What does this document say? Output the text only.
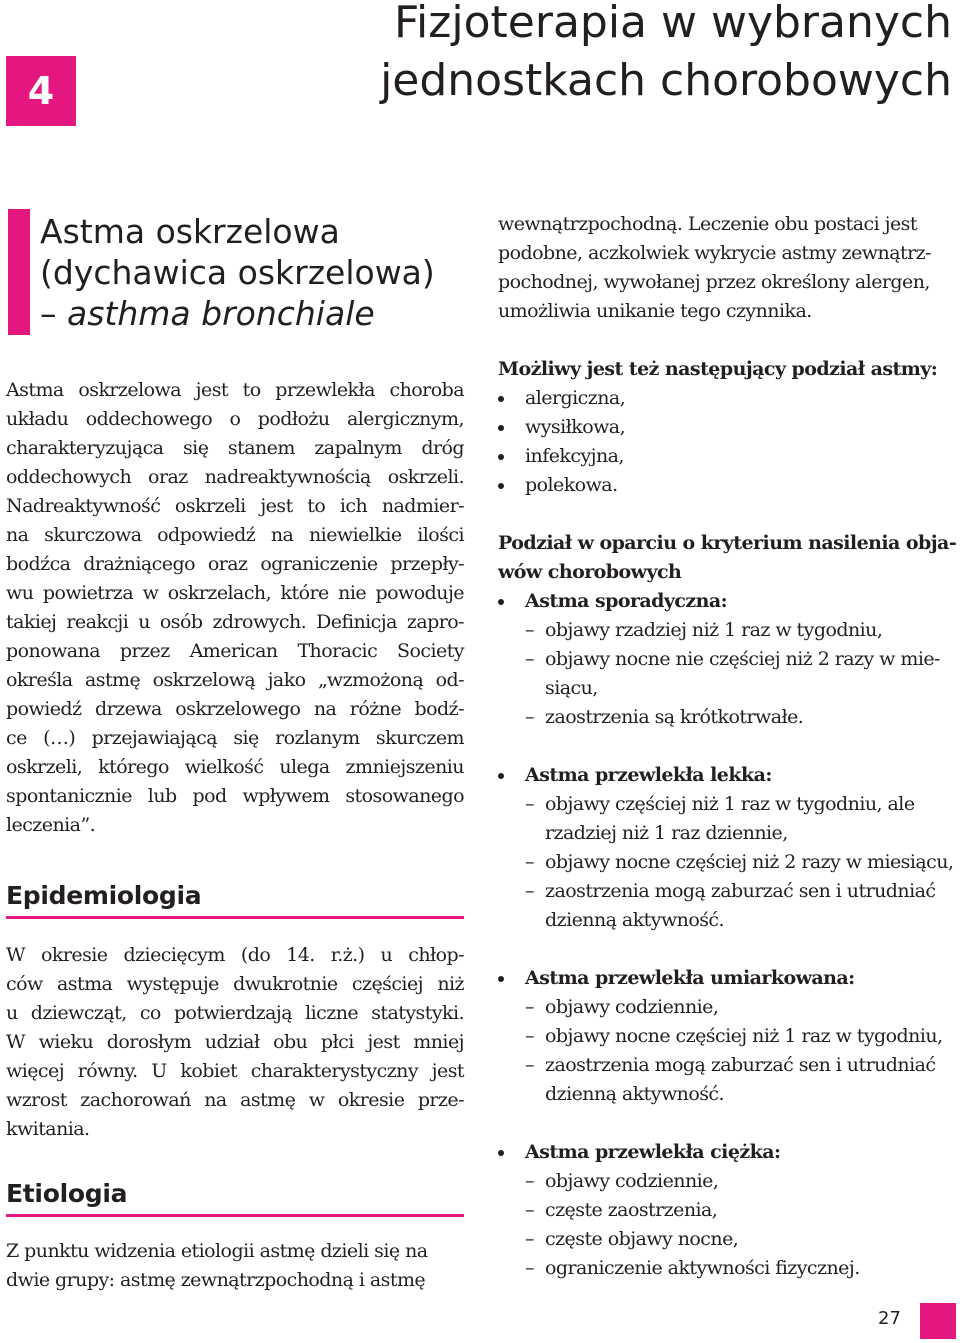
4
Fizjoterapia w wybranych
jednostkach chorobowych
Astma oskrzelowa
(dychawica oskrzelowa)
– asthma bronchiale

Astma oskrzelowa jest to przewlekła choroba
układu oddechowego o podłożu alergicznym,
charakteryzująca się stanem zapalnym dróg
oddechowych oraz nadreaktywnością oskrzeli.
Nadreaktywność oskrzeli jest to ich nadmier-
na skurczowa odpowiedź na niewielkie ilości
bodźca drażniącego oraz ograniczenie przepły-
wu powietrza w oskrzelach, które nie powoduje
takiej reakcji u osób zdrowych. Definicja zapro-
ponowana przez American Thoracic Society
określa astmę oskrzelową jako „wzmożoną od-
powiedź drzewa oskrzelowego na różne bodź-
ce (…) przejawiającą się rozlanym skurczem
oskrzeli, którego wielkość ulega zmniejszeniu
spontanicznie lub pod wpływem stosowanego
leczenia”.

Epidemiologia

W okresie dziecięcym (do 14. r.ż.) u chłop-
ców astma występuje dwukrotnie częściej niż
u dziewcząt, co potwierdzają liczne statystyki.
W wieku dorosłym udział obu płci jest mniej
więcej równy. U kobiet charakterystyczny jest
wzrost zachorowań na astmę w okresie prze-
kwitania.

Etiologia

Z punktu widzenia etiologii astmę dzieli się na
dwie grupy: astmę zewnątrzpochodną i astmę

wewnątrzpochodną. Leczenie obu postaci jest
podobne, aczkolwiek wykrycie astmy zewnątrz-
pochodnej, wywołanej przez określony alergen,
umożliwia unikanie tego czynnika.

Możliwy jest też następujący podział astmy:

alergiczna,
wysiłkowa,
infekcyjna,
polekowa.

Podział w oparciu o kryterium nasilenia obja-
wów chorobowych

Astma sporadyczna:
– objawy rzadziej niż 1 raz w tygodniu,
– objawy nocne nie częściej niż 2 razy w mie-
siącu,
– zaostrzenia są krótkotrwałe.
Astma przewlekła lekka:
– objawy częściej niż 1 raz w tygodniu, ale
rzadziej niż 1 raz dziennie,
– objawy nocne częściej niż 2 razy w miesiącu,
– zaostrzenia mogą zaburzać sen i utrudniać
dzienną aktywność.
Astma przewlekła umiarkowana:
– objawy codziennie,
– objawy nocne częściej niż 1 raz w tygodniu,
– zaostrzenia mogą zaburzać sen i utrudniać
dzienną aktywność.
Astma przewlekła ciężka:
– objawy codziennie,
– częste zaostrzenia,
– częste objawy nocne,
– ograniczenie aktywności fizycznej.
27
